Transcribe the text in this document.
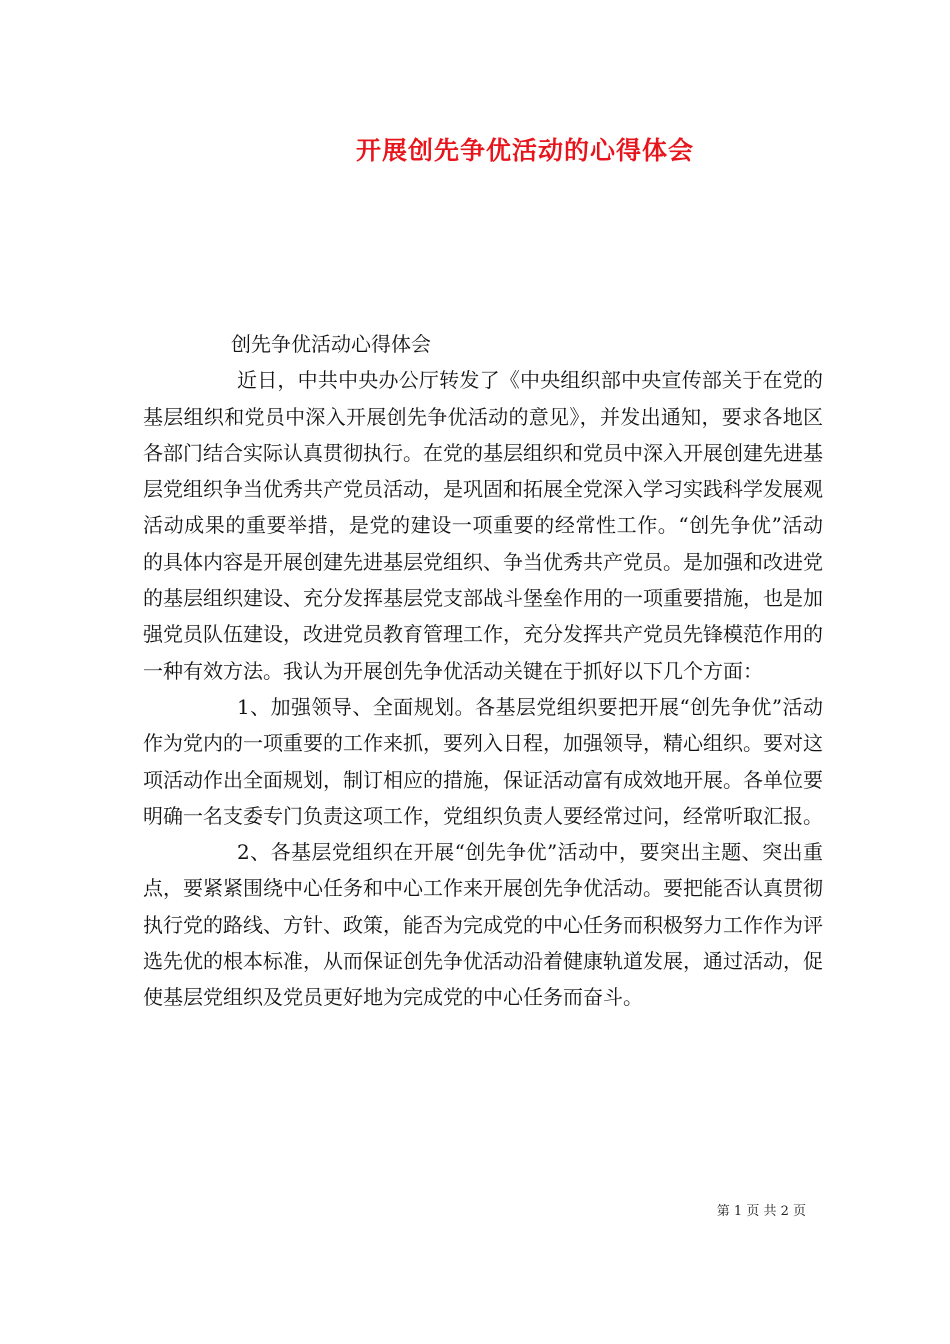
开展创先争优活动的心得体会

创先争优活动心得体会

近日，中共中央办公厅转发了《中央组织部中央宣传部关于在党的基层组织和党员中深入开展创先争优活动的意见》，并发出通知，要求各地区各部门结合实际认真贯彻执行。在党的基层组织和党员中深入开展创建先进基层党组织争当优秀共产党员活动，是巩固和拓展全党深入学习实践科学发展观活动成果的重要举措，是党的建设一项重要的经常性工作。“创先争优”活动的具体内容是开展创建先进基层党组织、争当优秀共产党员。是加强和改进党的基层组织建设、充分发挥基层党支部战斗堡垒作用的一项重要措施，也是加强党员队伍建设，改进党员教育管理工作，充分发挥共产党员先锋模范作用的一种有效方法。我认为开展创先争优活动关键在于抓好以下几个方面：

1、加强领导、全面规划。各基层党组织要把开展“创先争优”活动作为党内的一项重要的工作来抓，要列入日程，加强领导，精心组织。要对这项活动作出全面规划，制订相应的措施，保证活动富有成效地开展。各单位要明确一名支委专门负责这项工作，党组织负责人要经常过问，经常听取汇报。

2、各基层党组织在开展“创先争优”活动中，要突出主题、突出重点，要紧紧围绕中心任务和中心工作来开展创先争优活动。要把能否认真贯彻执行党的路线、方针、政策，能否为完成党的中心任务而积极努力工作作为评选先优的根本标准，从而保证创先争优活动沿着健康轨道发展，通过活动，促使基层党组织及党员更好地为完成党的中心任务而奋斗。

第 1 页 共 2 页
